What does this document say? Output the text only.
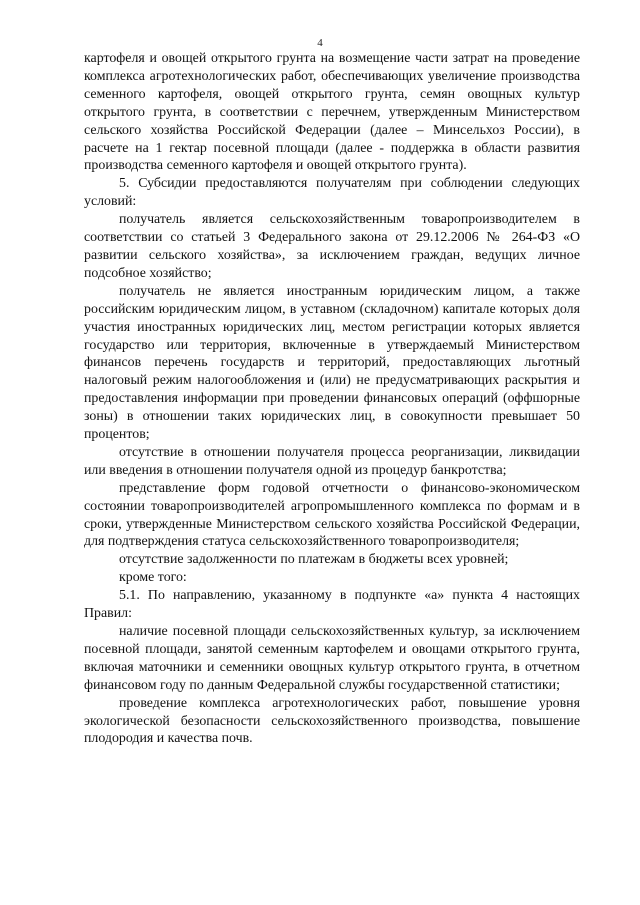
4

картофеля и овощей открытого грунта на возмещение части затрат на проведение комплекса агротехнологических работ, обеспечивающих увеличение производства семенного картофеля, овощей открытого грунта, семян овощных культур открытого грунта, в соответствии с перечнем, утвержденным Министерством сельского хозяйства Российской Федерации (далее – Минсельхоз России), в расчете на 1 гектар посевной площади (далее - поддержка в области развития производства семенного картофеля и овощей открытого грунта).

5. Субсидии предоставляются получателям при соблюдении следующих условий:

получатель является сельскохозяйственным товаропроизводителем в соответствии со статьей 3 Федерального закона от 29.12.2006 № 264-ФЗ «О развитии сельского хозяйства», за исключением граждан, ведущих личное подсобное хозяйство;

получатель не является иностранным юридическим лицом, а также российским юридическим лицом, в уставном (складочном) капитале которых доля участия иностранных юридических лиц, местом регистрации которых является государство или территория, включенные в утверждаемый Министерством финансов перечень государств и территорий, предоставляющих льготный налоговый режим налогообложения и (или) не предусматривающих раскрытия и предоставления информации при проведении финансовых операций (оффшорные зоны) в отношении таких юридических лиц, в совокупности превышает 50 процентов;

отсутствие в отношении получателя процесса реорганизации, ликвидации или введения в отношении получателя одной из процедур банкротства;

представление форм годовой отчетности о финансово-экономическом состоянии товаропроизводителей агропромышленного комплекса по формам и в сроки, утвержденные Министерством сельского хозяйства Российской Федерации, для подтверждения статуса сельскохозяйственного товаропроизводителя;

отсутствие задолженности по платежам в бюджеты всех уровней;

кроме того:

5.1. По направлению, указанному в подпункте «а» пункта 4 настоящих Правил:

наличие посевной площади сельскохозяйственных культур, за исключением посевной площади, занятой семенным картофелем и овощами открытого грунта, включая маточники и семенники овощных культур открытого грунта, в отчетном финансовом году по данным Федеральной службы государственной статистики;

проведение комплекса агротехнологических работ, повышение уровня экологической безопасности сельскохозяйственного производства, повышение плодородия и качества почв.
